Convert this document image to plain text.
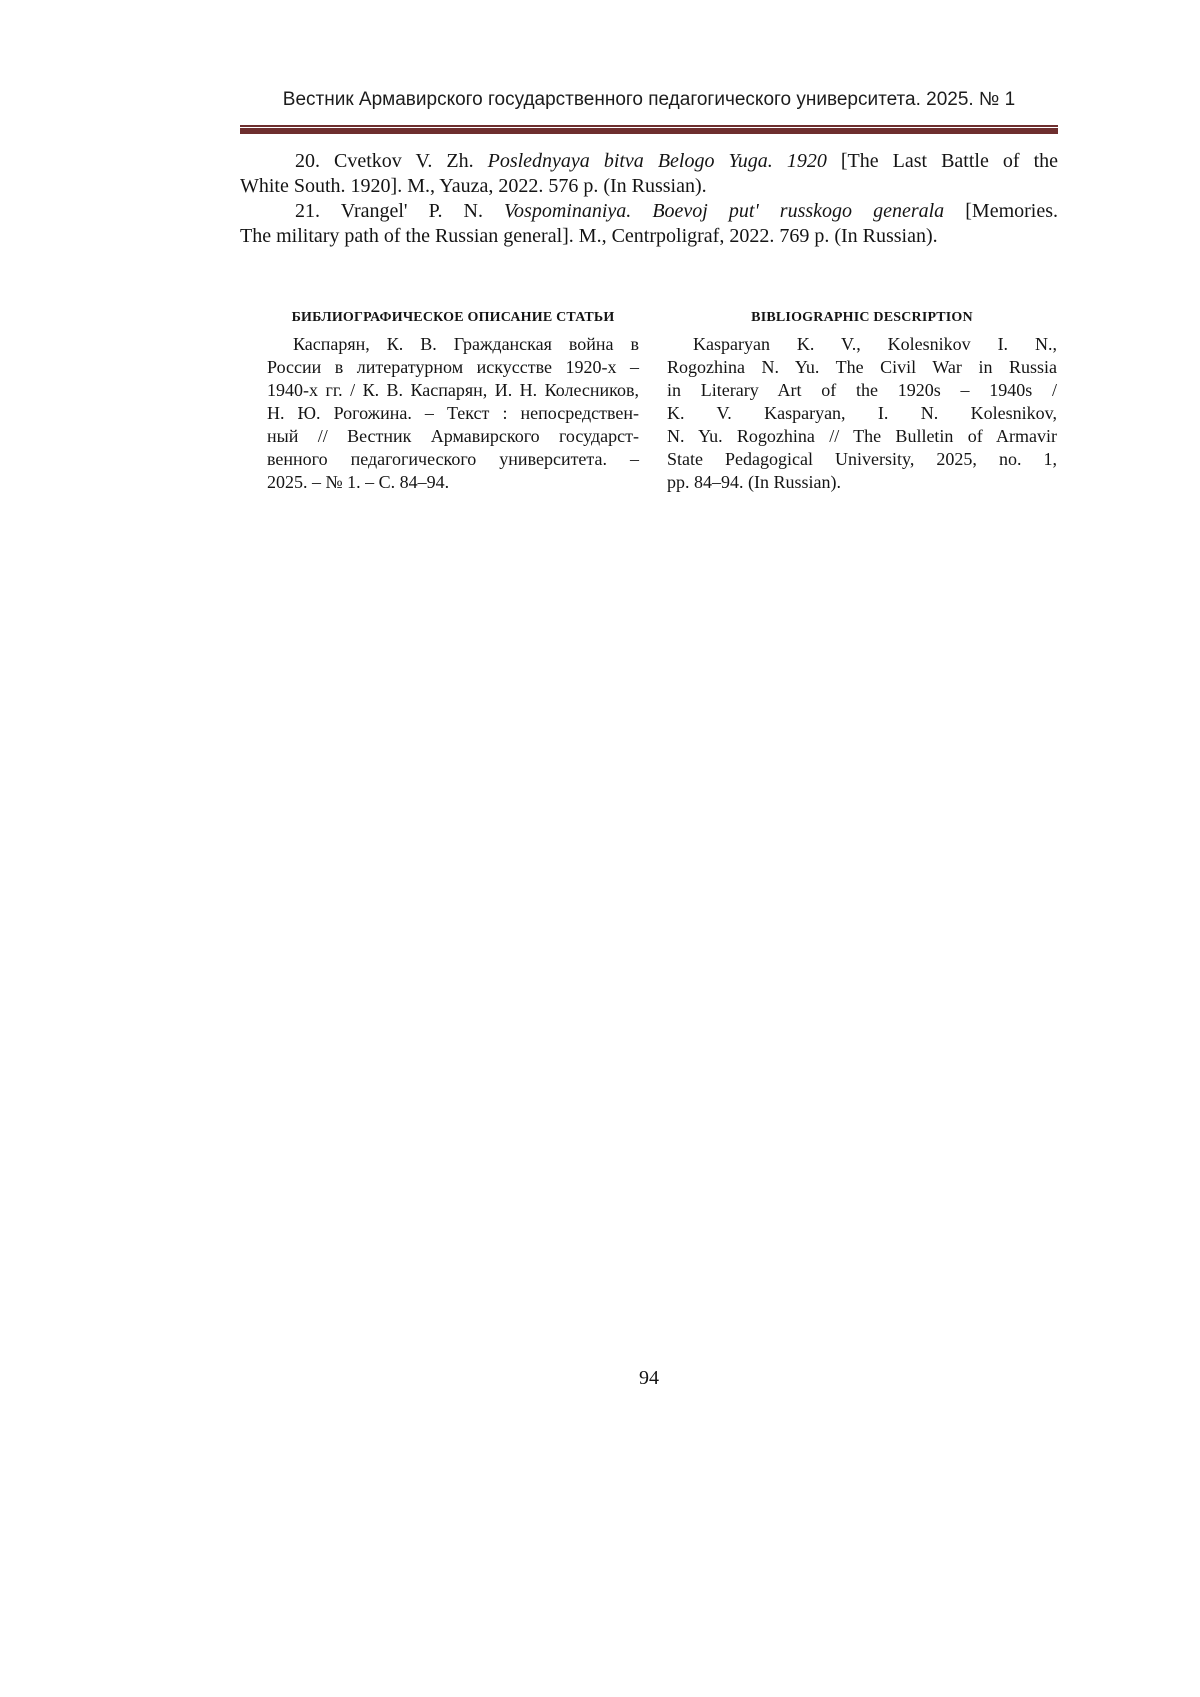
Вестник Армавирского государственного педагогического университета. 2025. № 1

20. Cvetkov V. Zh. Poslednyaya bitva Belogo Yuga. 1920 [The Last Battle of the
White South. 1920]. M., Yauza, 2022. 576 p. (In Russian).

21. Vrangel' P. N. Vospominaniya. Boevoj put' russkogo generala [Memories.
The military path of the Russian general]. M., Centrpoligraf, 2022. 769 p. (In Russian).

БИБЛИОГРАФИЧЕСКОЕ ОПИСАНИЕ СТАТЬИ
Каспарян, К. В. Гражданская война в
России в литературном искусстве 1920-х –
1940-х гг. / К. В. Каспарян, И. Н. Колесников,
Н. Ю. Рогожина. – Текст : непосредствен-
ный // Вестник Армавирского государст-
венного педагогического университета. –
2025. – № 1. – С. 84–94.
BIBLIOGRAPHIC DESCRIPTION
Kasparyan K. V., Kolesnikov I. N.,
Rogozhina N. Yu. The Civil War in Russia
in Literary Art of the 1920s – 1940s /
K. V. Kasparyan, I. N. Kolesnikov,
N. Yu. Rogozhina // The Bulletin of Armavir
State Pedagogical University, 2025, no. 1,
pp. 84–94. (In Russian).
94
